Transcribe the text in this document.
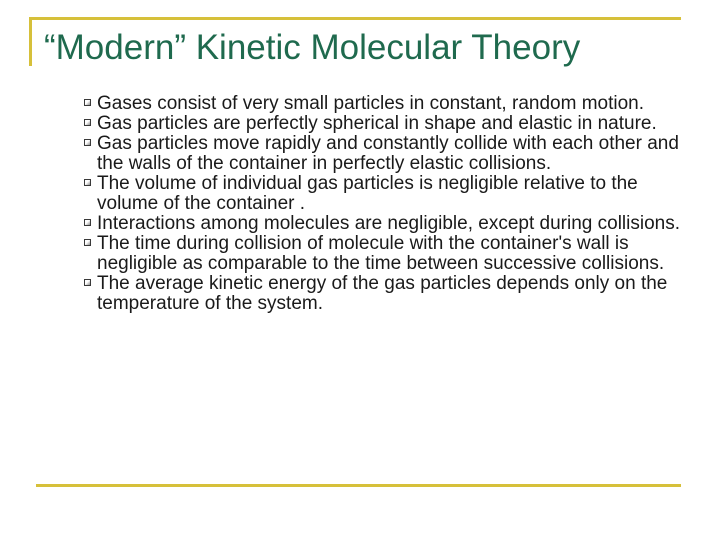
“Modern” Kinetic Molecular Theory
Gases consist of very small particles in constant, random motion.
Gas particles are perfectly spherical in shape and elastic in nature.
Gas particles move rapidly and constantly collide with each other and the walls of the container in perfectly elastic collisions.
The volume of individual gas particles is negligible relative to the volume of the container .
Interactions among molecules are negligible, except during collisions.
The time during collision of molecule with the container's wall is negligible as comparable to the time between successive collisions.
The average kinetic energy of the gas particles depends only on the temperature of the system.
